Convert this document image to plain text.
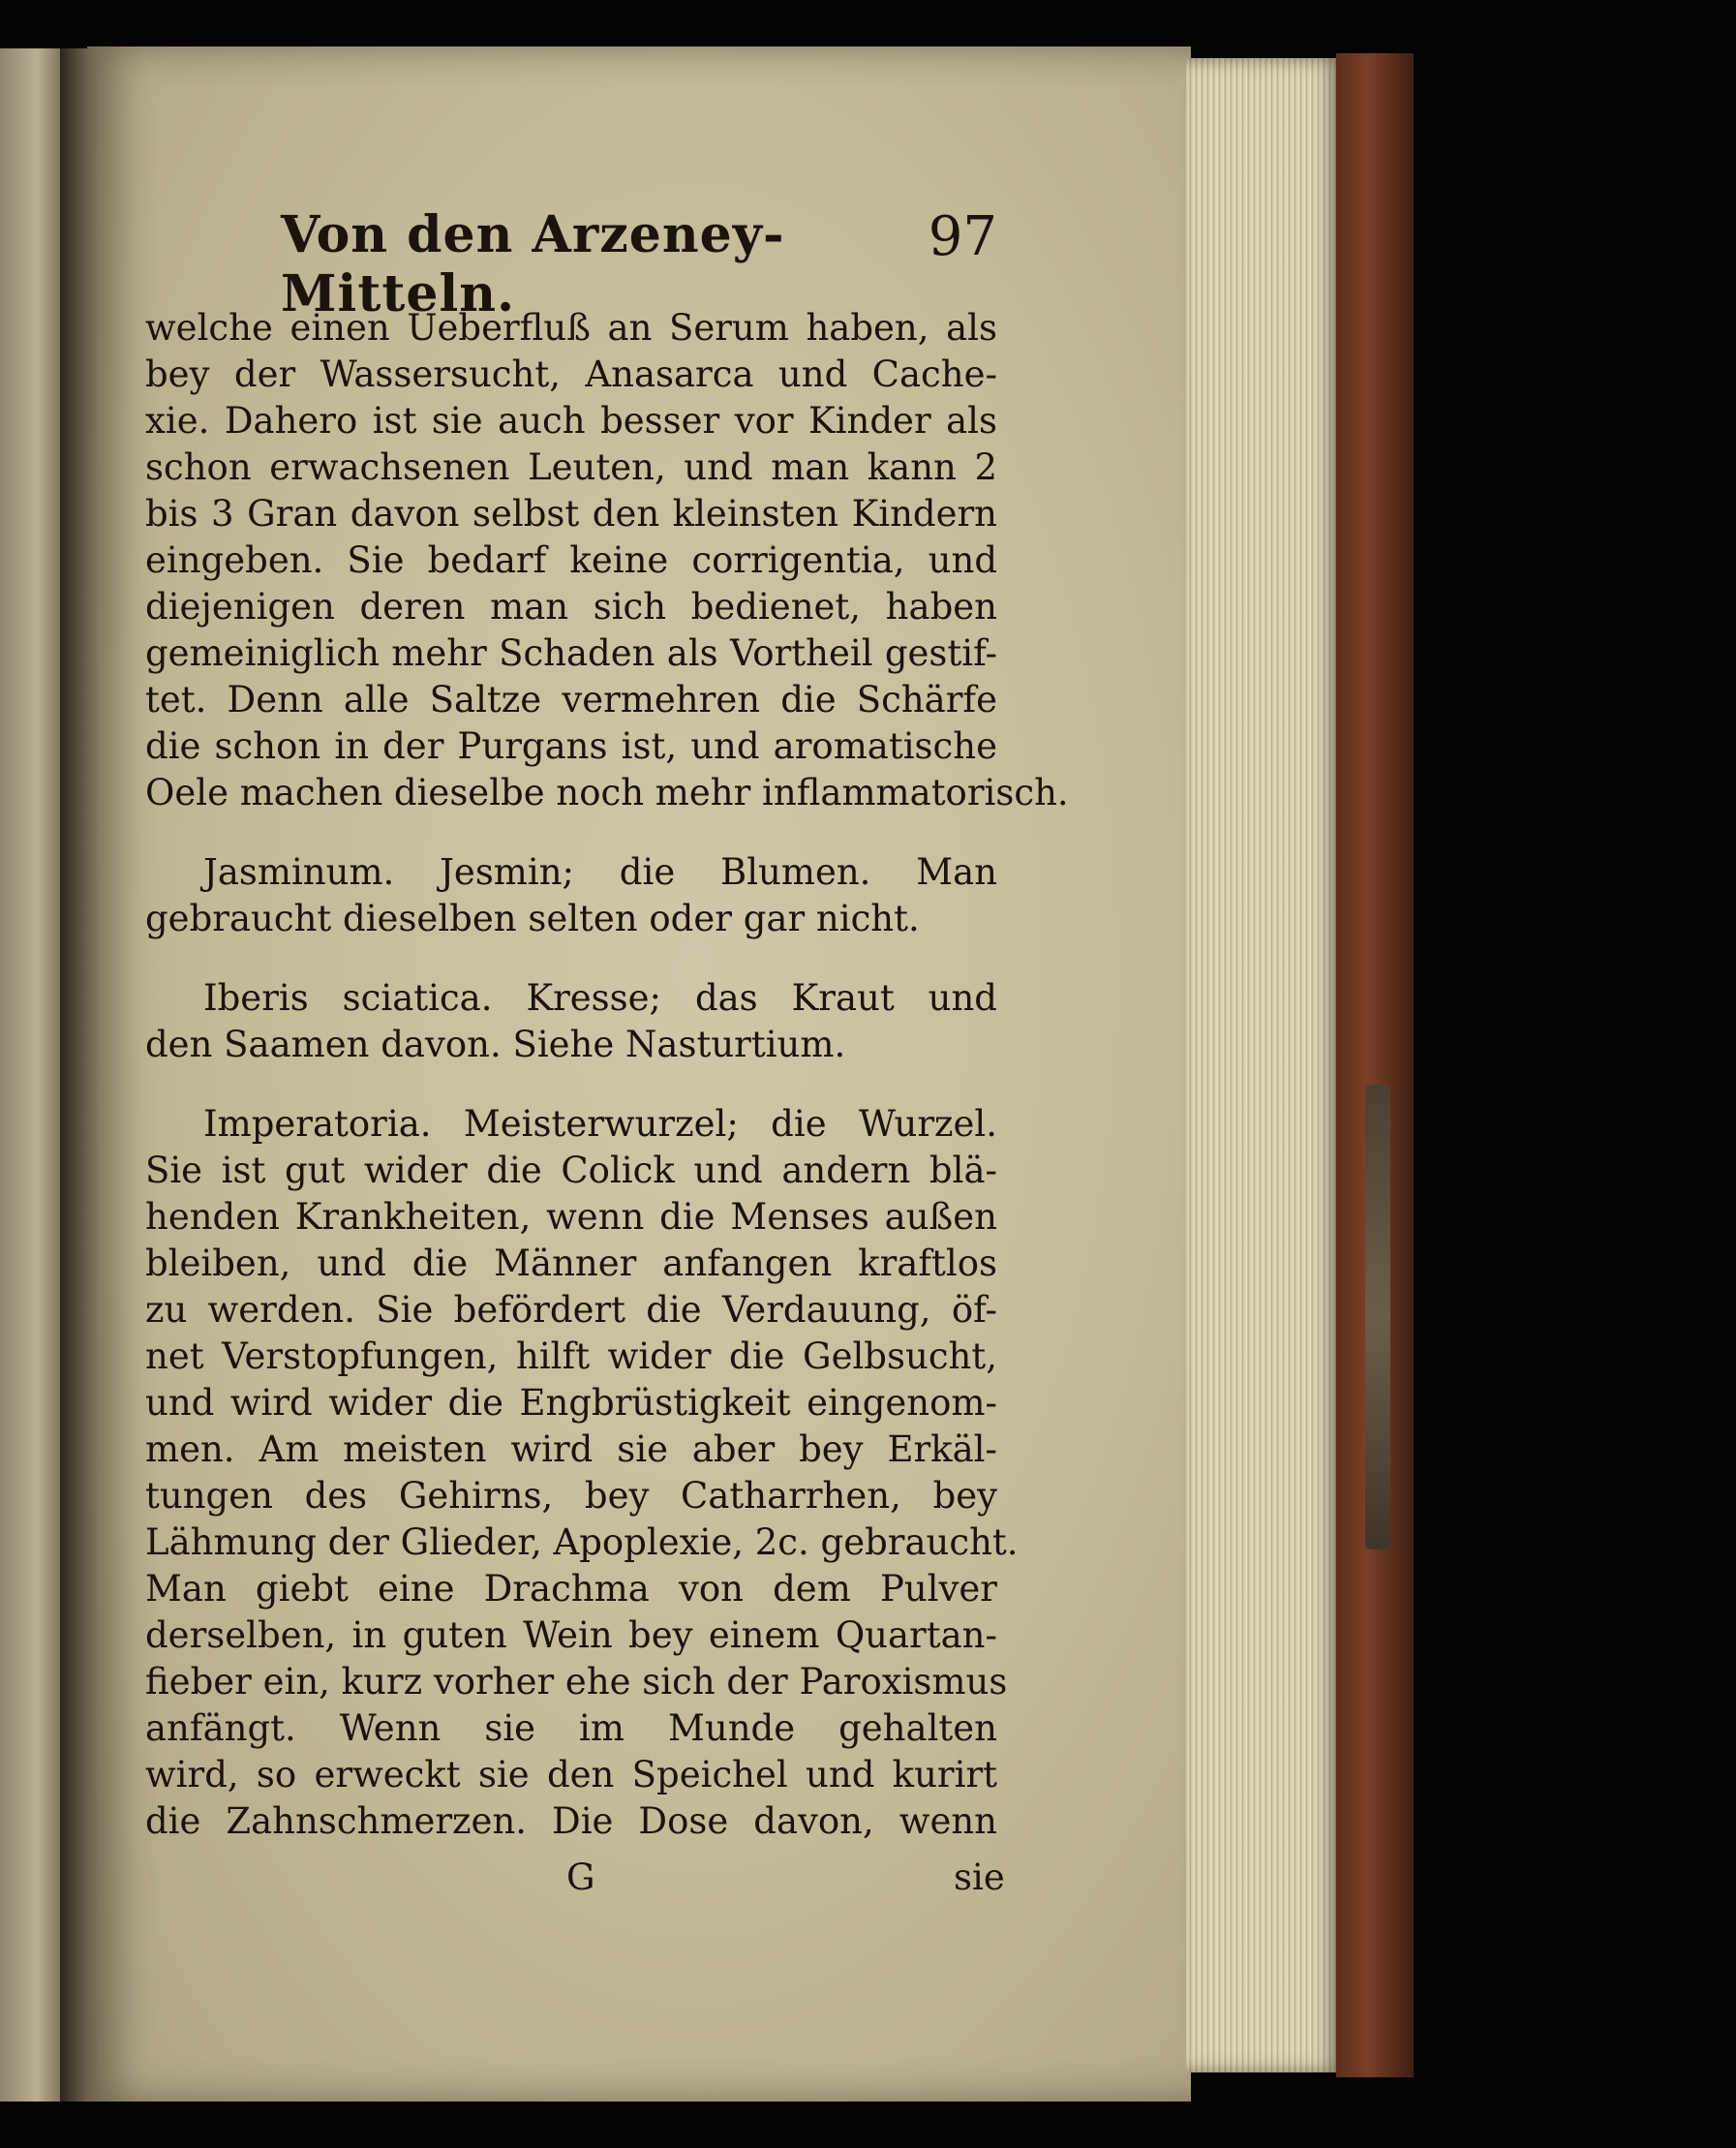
Von den Arzeney-Mitteln.
97
welche einen Ueberfluß an Serum haben, als
bey der Wassersucht, Anasarca und Cache-
xie. Dahero ist sie auch besser vor Kinder als
schon erwachsenen Leuten, und man kann 2
bis 3 Gran davon selbst den kleinsten Kindern
eingeben. Sie bedarf keine corrigentia, und
diejenigen deren man sich bedienet, haben
gemeiniglich mehr Schaden als Vortheil gestif-
tet. Denn alle Saltze vermehren die Schärfe
die schon in der Purgans ist, und aromatische
Oele machen dieselbe noch mehr inflammatorisch.
Jasminum. Jesmin; die Blumen. Man
gebraucht dieselben selten oder gar nicht.
Iberis sciatica. Kresse; das Kraut und
den Saamen davon. Siehe Nasturtium.
Imperatoria. Meisterwurzel; die Wurzel.
Sie ist gut wider die Colick und andern blä-
henden Krankheiten, wenn die Menses außen
bleiben, und die Männer anfangen kraftlos
zu werden. Sie befördert die Verdauung, öf-
net Verstopfungen, hilft wider die Gelbsucht,
und wird wider die Engbrüstigkeit eingenom-
men. Am meisten wird sie aber bey Erkäl-
tungen des Gehirns, bey Catharrhen, bey
Lähmung der Glieder, Apoplexie, 2c. gebraucht.
Man giebt eine Drachma von dem Pulver
derselben, in guten Wein bey einem Quartan-
fieber ein, kurz vorher ehe sich der Paroxismus
anfängt. Wenn sie im Munde gehalten
wird, so erweckt sie den Speichel und kurirt
die Zahnschmerzen. Die Dose davon, wenn
G	sie
